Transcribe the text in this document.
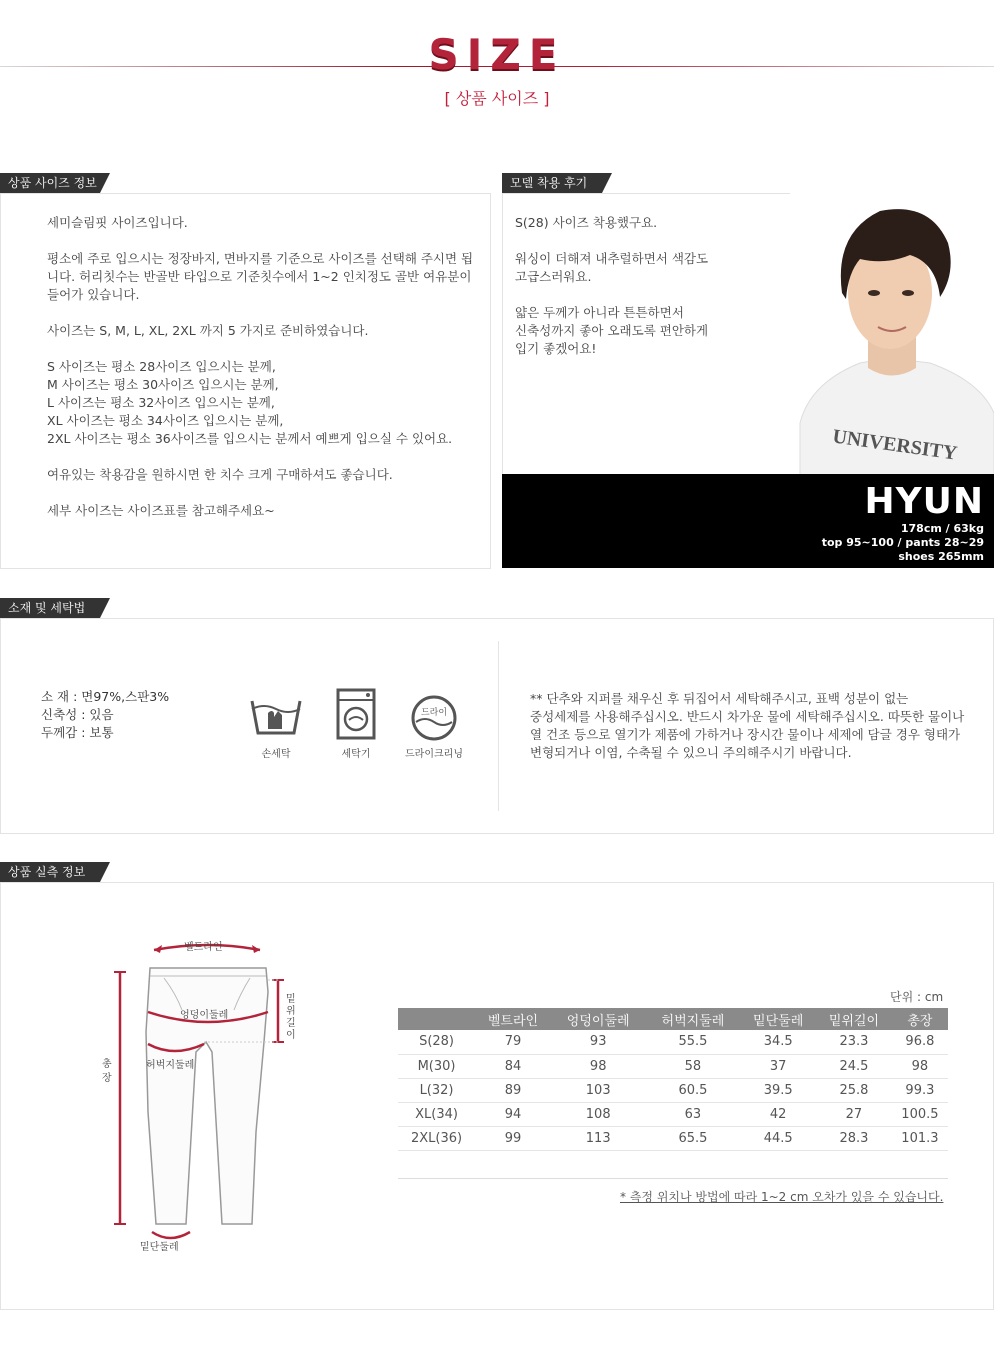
SIZE
[ 상품 사이즈 ]
상품 사이즈 정보

세미슬림핏 사이즈입니다.

평소에 주로 입으시는 정장바지, 면바지를 기준으로 사이즈를 선택해 주시면 됩니다. 허리칫수는 반골반 타입으로 기준칫수에서 1~2 인치정도 골반 여유분이 들어가 있습니다.

사이즈는 S, M, L, XL, 2XL 까지 5 가지로 준비하였습니다.

S 사이즈는 평소 28사이즈 입으시는 분께,
M 사이즈는 평소 30사이즈 입으시는 분께,
L 사이즈는 평소 32사이즈 입으시는 분께,
XL 사이즈는 평소 34사이즈 입으시는 분께,
2XL 사이즈는 평소 36사이즈를 입으시는 분께서 예쁘게 입으실 수 있어요.

여유있는 착용감을 원하시면 한 치수 크게 구매하셔도 좋습니다.

세부 사이즈는 사이즈표를 참고해주세요~

모델 착용 후기

S(28) 사이즈 착용했구요.

워싱이 더해져 내추럴하면서 색감도
고급스러워요.

얇은 두께가 아니라 튼튼하면서
신축성까지 좋아 오래도록 편안하게
입기 좋겠어요!

UNIVERSITY
HYUN
178cm / 63kg
top 95~100 / pants 28~29
shoes 265mm
소재 및 세탁법
소 재 : 면97%,스판3%
신축성 : 있음
두께감 : 보통
손세탁	세탁기
드라이
드라이크리닝
** 단추와 지퍼를 채우신 후 뒤집어서 세탁해주시고, 표백 성분이 없는
중성세제를 사용해주십시오. 반드시 차가운 물에 세탁해주십시오. 따뜻한 물이나
열 건조 등으로 열기가 제품에 가하거나 장시간 물이나 세제에 담글 경우 형태가
변형되거나 이염, 수축될 수 있으니 주의해주시기 바랍니다.
상품 실측 정보
벨트라인
엉덩이둘레
허벅지둘레
밑위길이
총장
밑단둘레
단위 : cm
	벨트라인	엉덩이둘레	허벅지둘레	밑단둘레	밑위길이	총장
S(28)	79	93	55.5	34.5	23.3	96.8
M(30)	84	98	58	37	24.5	98
L(32)	89	103	60.5	39.5	25.8	99.3
XL(34)	94	108	63	42	27	100.5
2XL(36)	99	113	65.5	44.5	28.3	101.3
* 측정 위치나 방법에 따라 1~2 cm 오차가 있을 수 있습니다.
